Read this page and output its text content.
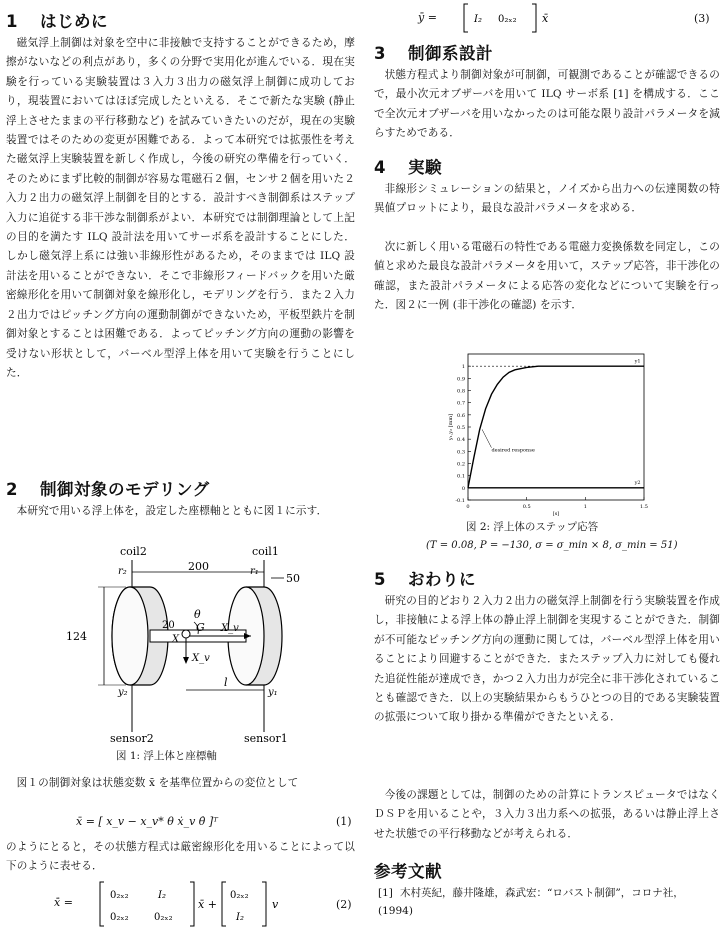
1 はじめに

磁気浮上制御は対象を空中に非接触で支持することができるため，摩擦がないなどの利点があり，多くの分野で実用化が進んでいる．現在実験を行っている実験装置は３入力３出力の磁気浮上制御に成功しており，現装置においてはほぼ完成したといえる．そこで新たな実験 (静止浮上させたままの平行移動など) を試みていきたいのだが，現在の実験装置ではそのための変更が困難である．よって本研究では拡張性を考えた磁気浮上実験装置を新しく作成し，今後の研究の準備を行っていく．そのためにまず比較的制御が容易な電磁石２個，センサ２個を用いた２入力２出力の磁気浮上制御を目的とする．設計すべき制御系はステップ入力に追従する非干渉な制御系がよい．本研究では制御理論として上記の目的を満たす ILQ 設計法を用いてサーボ系を設計することにした．しかし磁気浮上系には強い非線形性があるため，そのままでは ILQ 設計法を用いることができない．そこで非線形フィードバックを用いた厳密線形化を用いて制御対象を線形化し，モデリングを行う．また２入力２出力ではピッチング方向の運動制御ができないため，平板型鉄片を制御対象とすることは困難である．よってピッチング方向の運動の影響を受けない形状として，バーベル型浮上体を用いて実験を行うことにした．

2 制御対象のモデリング

本研究で用いる浮上体を，設定した座標軸とともに図１に示す．

coil2	coil1
r₂	r₁
200
50
124
θ
G
20
X
X_v
X_v
y₂	y₁
l
sensor2	sensor1
図 1: 浮上体と座標軸

図１の制御対象は状態変数 x̄ を基準位置からの変位として

x̄ = [ x_v − x_v* θ ẋ_v θ̇ ]ᵀ	(1)

のようにとると，その状態方程式は厳密線形化を用いることによって以下のように表せる．

ẋ̄ =
0₂ₓ₂	I₂
0₂ₓ₂	0₂ₓ₂
x̄ +
0₂ₓ₂
I₂
v	(2)
ȳ =	I₂ 0₂ₓ₂ x̄	(3)
3 制御系設計

状態方程式より制御対象が可制御，可観測であることが確認できるので，最小次元オブザーバを用いて ILQ サーボ系 [1] を構成する．ここで全次元オブザーバを用いなかったのは可能な限り設計パラメータを減らすためである．

4 実験

非線形シミュレーションの結果と，ノイズから出力への伝達関数の特異値プロットにより，最良な設計パラメータを求める．

次に新しく用いる電磁石の特性である電磁力変換係数を同定し，この値と求めた最良な設計パラメータを用いて，ステップ応答，非干渉化の確認，また設計パラメータによる応答の変化などについて実験を行った．図２に一例 (非干渉化の確認) を示す．

1
0.9
0.8
0.7
0.6
0.5
0.4
0.3
0.2
0.1
0
-0.1
0	0.5	1	1.5
y1
y2
desired response
y₁,y₂ [mm]
[s]
図 2: 浮上体のステップ応答
(T = 0.08, P = −130, σ = σ_min × 8, σ_min = 51)
5 おわりに

研究の目的どおり２入力２出力の磁気浮上制御を行う実験装置を作成し，非接触による浮上体の静止浮上制御を実現することができた．制御が不可能なピッチング方向の運動に関しては，バーベル型浮上体を用いることにより回避することができた．またステップ入力に対しても優れた追従性能が達成でき，かつ２入力出力が完全に非干渉化されていることも確認できた．以上の実験結果からもうひとつの目的である実験装置の拡張について取り掛かる準備ができたといえる．

今後の課題としては，制御のための計算にトランスピュータではなくＤＳＰを用いることや，３入力３出力系への拡張，あるいは静止浮上させた状態での平行移動などが考えられる．

参考文献
[1] 木村英紀，藤井隆雄，森武宏：“ロバスト制御”，コロナ社，(1994)
